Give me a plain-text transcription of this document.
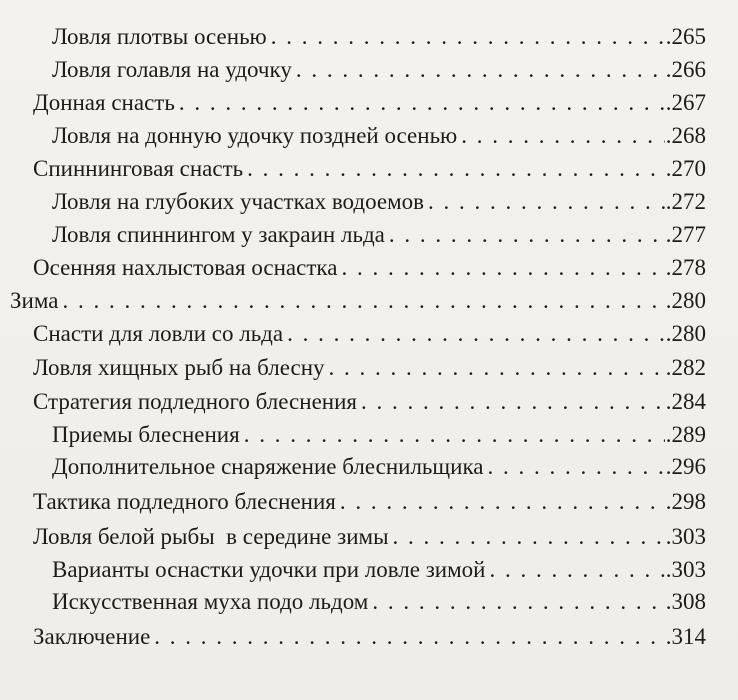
Ловля плотвы осенью . . .	.265
Ловля голавля на удочку . . .	.266
Донная снасть . . .	.267
Ловля на донную удочку поздней осенью . . .	.268
Спиннинговая снасть . . .	.270
Ловля на глубоких участках водоемов . . .	.272
Ловля спиннингом у закраин льда . . .	.277
Осенняя нахлыстовая оснастка . . .	.278
Зима . . .	.280
Снасти для ловли со льда . . .	.280
Ловля хищных рыб на блесну . . .	.282
Стратегия подледного блеснения . . .	.284
Приемы блеснения . . .	.289
Дополнительное снаряжение блеснильщика . . .	.296
Тактика подледного блеснения . . .	.298
Ловля белой рыбы  в середине зимы . . .	.303
Варианты оснастки удочки при ловле зимой . . .	.303
Искусственная муха подо льдом . . .	.308
Заключение . . .	.314
